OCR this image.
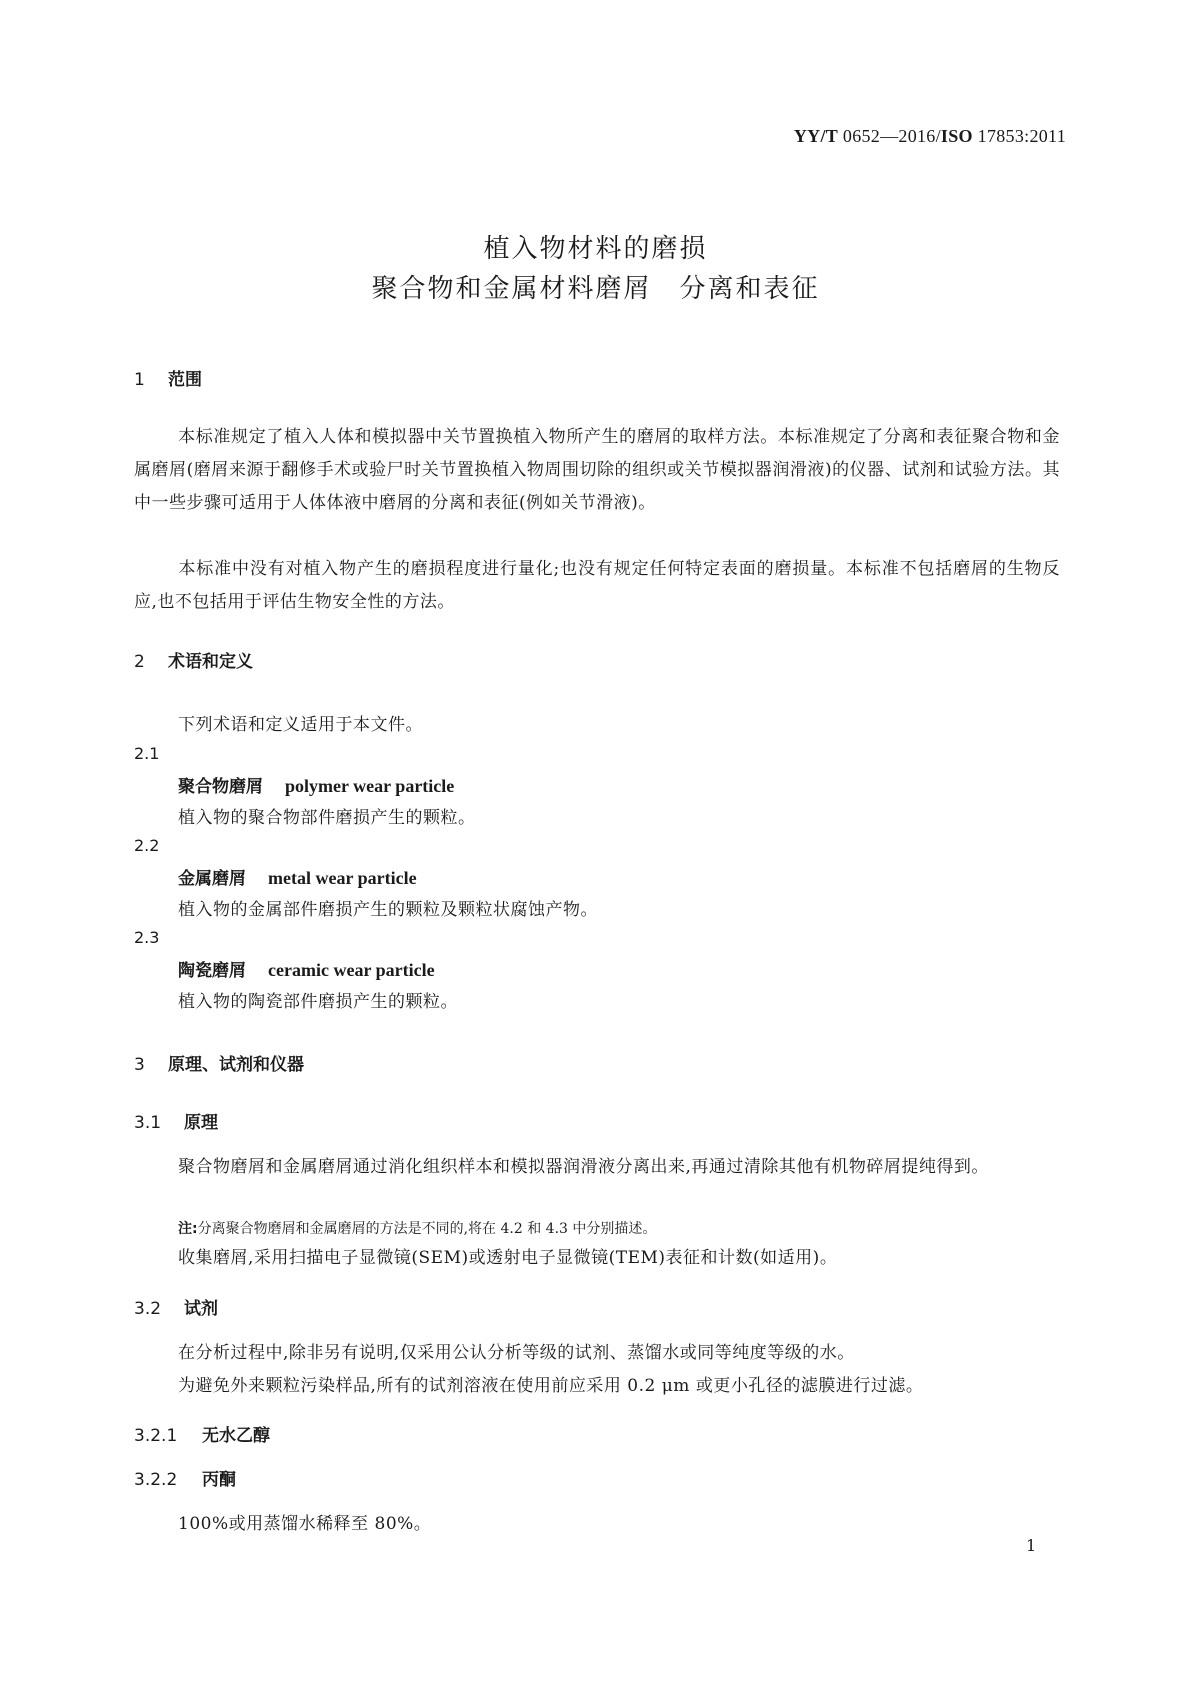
YY/T 0652—2016/ISO 17853:2011
植入物材料的磨损
聚合物和金属材料磨屑　分离和表征
1 范围
本标准规定了植入人体和模拟器中关节置换植入物所产生的磨屑的取样方法。本标准规定了分离和表征聚合物和金属磨屑(磨屑来源于翻修手术或验尸时关节置换植入物周围切除的组织或关节模拟器润滑液)的仪器、试剂和试验方法。其中一些步骤可适用于人体体液中磨屑的分离和表征(例如关节滑液)。
本标准中没有对植入物产生的磨损程度进行量化;也没有规定任何特定表面的磨损量。本标准不包括磨屑的生物反应,也不包括用于评估生物安全性的方法。
2 术语和定义
下列术语和定义适用于本文件。
2.1
聚合物磨屑 polymer wear particle
植入物的聚合物部件磨损产生的颗粒。
2.2
金属磨屑 metal wear particle
植入物的金属部件磨损产生的颗粒及颗粒状腐蚀产物。
2.3
陶瓷磨屑 ceramic wear particle
植入物的陶瓷部件磨损产生的颗粒。
3 原理、试剂和仪器
3.1 原理
聚合物磨屑和金属磨屑通过消化组织样本和模拟器润滑液分离出来,再通过清除其他有机物碎屑提纯得到。
注:分离聚合物磨屑和金属磨屑的方法是不同的,将在 4.2 和 4.3 中分别描述。
收集磨屑,采用扫描电子显微镜(SEM)或透射电子显微镜(TEM)表征和计数(如适用)。
3.2 试剂
在分析过程中,除非另有说明,仅采用公认分析等级的试剂、蒸馏水或同等纯度等级的水。
为避免外来颗粒污染样品,所有的试剂溶液在使用前应采用 0.2 μm 或更小孔径的滤膜进行过滤。
3.2.1 无水乙醇
3.2.2 丙酮
100%或用蒸馏水稀释至 80%。
1
